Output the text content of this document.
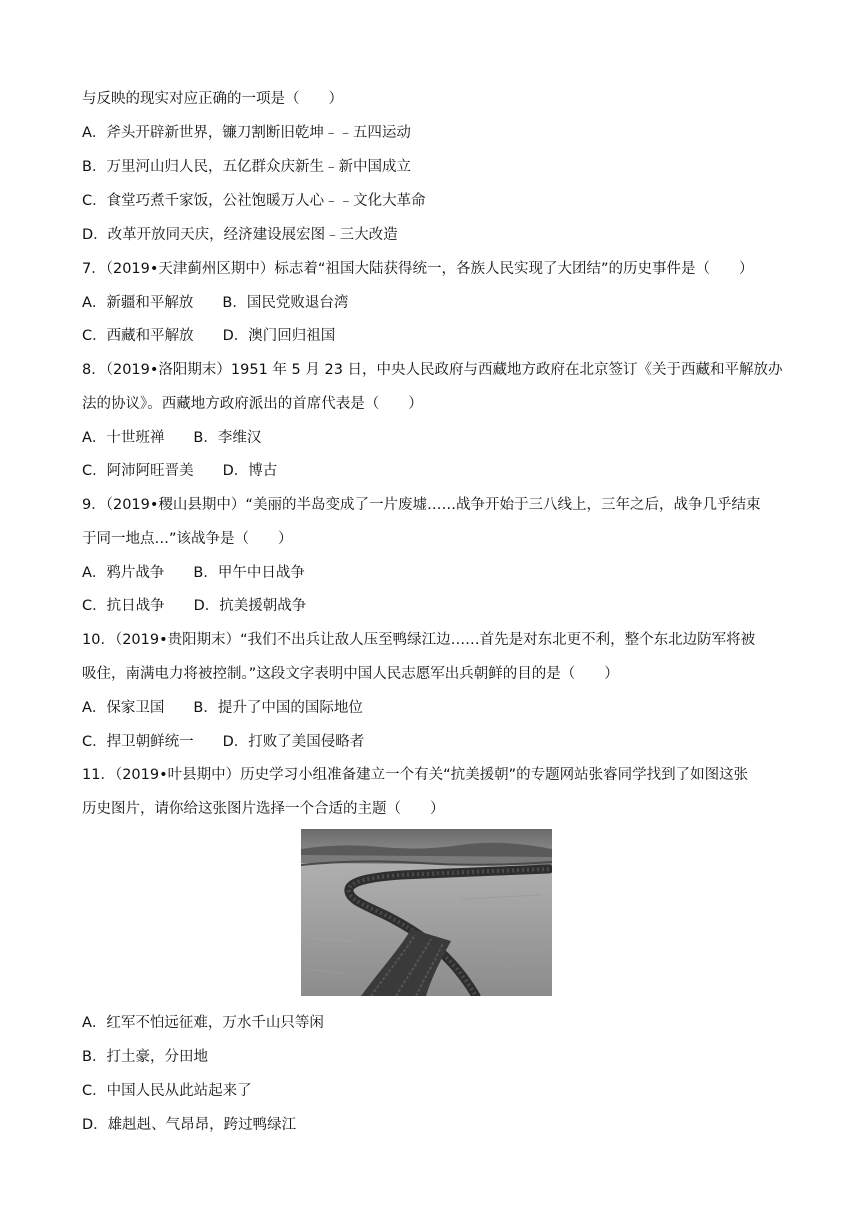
与反映的现实对应正确的一项是（　　）
A．斧头开辟新世界，镰刀割断旧乾坤﹣﹣五四运动
B．万里河山归人民，五亿群众庆新生﹣新中国成立
C．食堂巧煮千家饭，公社饱暖万人心﹣﹣文化大革命
D．改革开放同天庆，经济建设展宏图﹣三大改造
7．（2019•天津蓟州区期中）标志着“祖国大陆获得统一，各族人民实现了大团结”的历史事件是（　　）
A．新疆和平解放　　B．国民党败退台湾
C．西藏和平解放　　D．澳门回归祖国
8．（2019•洛阳期末）1951 年 5 月 23 日，中央人民政府与西藏地方政府在北京签订《关于西藏和平解放办
法的协议》。西藏地方政府派出的首席代表是（　　）
A．十世班禅　　B．李维汉
C．阿沛阿旺晋美　　D．博古
9．（2019•稷山县期中）“美丽的半岛变成了一片废墟……战争开始于三八线上，三年之后，战争几乎结束
于同一地点…”该战争是（　　）
A．鸦片战争　　B．甲午中日战争
C．抗日战争　　D．抗美援朝战争
10．（2019•贵阳期末）“我们不出兵让敌人压至鸭绿江边……首先是对东北更不利，整个东北边防军将被
吸住，南满电力将被控制。”这段文字表明中国人民志愿军出兵朝鲜的目的是（　　）
A．保家卫国　　B．提升了中国的国际地位
C．捍卫朝鲜统一　　D．打败了美国侵略者
11．（2019•叶县期中）历史学习小组准备建立一个有关“抗美援朝”的专题网站张睿同学找到了如图这张
历史图片，请你给这张图片选择一个合适的主题（　　）
A．红军不怕远征难，万水千山只等闲
B．打土豪，分田地
C．中国人民从此站起来了
D．雄赳赳、气昂昂，跨过鸭绿江
